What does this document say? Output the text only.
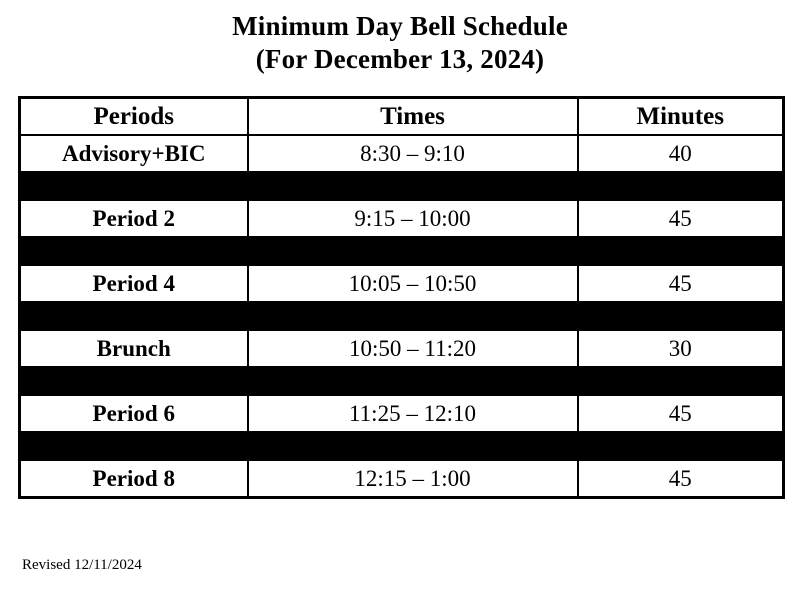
Minimum Day Bell Schedule
(For December 13, 2024)
Periods	Times	Minutes
Advisory+BIC	8:30 – 9:10	40

Period 2	9:15 – 10:00	45

Period 4	10:05 – 10:50	45

Brunch	10:50 – 11:20	30

Period 6	11:25 – 12:10	45

Period 8	12:15 – 1:00	45
Revised 12/11/2024
